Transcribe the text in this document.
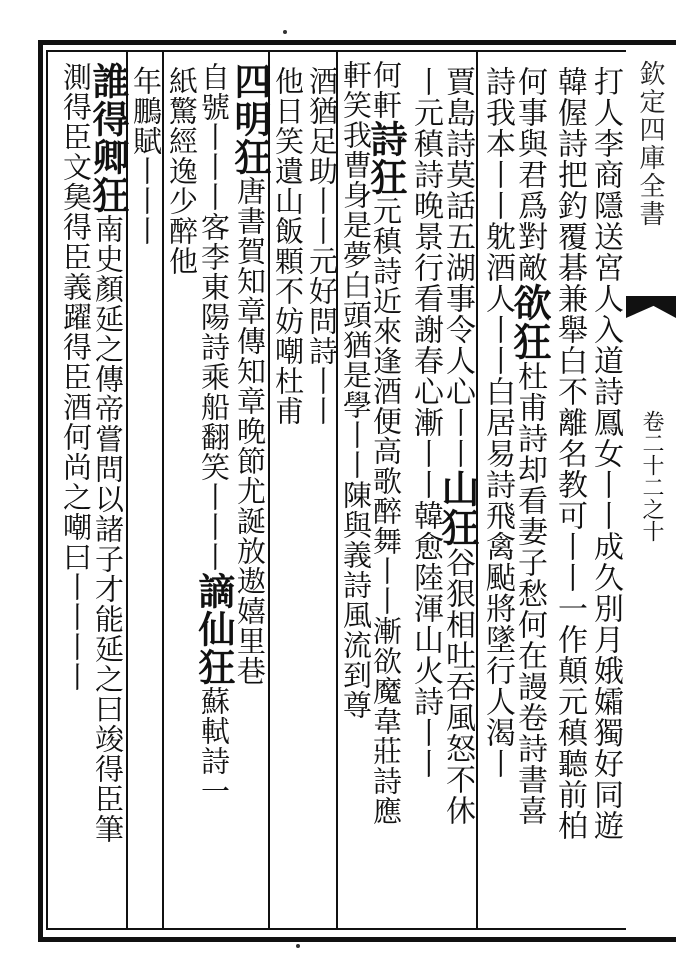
欽定四庫全書
卷二十二之十
打人李商隱送宮人入道詩鳳女丨丨成久別月娥孀獨好同遊
韓偓詩把釣覆碁兼舉白不離名教可丨丨一作顛元稹聽前柏
何事與君爲對敵欲狂杜甫詩却看妻子愁何在謾卷詩書喜
詩我本丨丨躭酒人丨丨白居易詩飛禽颭將墜行人渴丨
賈島詩莫話五湖事令人心丨丨山狂谷狠相吐吞風怒不休
丨元稹詩晚景行看謝春心漸丨丨韓愈陸渾山火詩丨丨
何軒詩狂元稹詩近來逢酒便高歌醉舞丨丨漸欲魔韋莊詩應
軒笑我曹身是夢白頭猶是學丨丨陳與義詩風流到尊
酒猶足助丨丨元好問詩丨丨
他日笑遺山飯顆不妨嘲杜甫
四明狂唐書賀知章傳知章晚節尤誕放遨嬉里巷
自號丨丨丨客李東陽詩乘船翻笑丨丨丨謫仙狂蘇軾詩一
紙驚經逸少醉他
年鵬賦丨丨丨
誰得卿狂南史顏延之傳帝嘗問以諸子才能延之曰竣得臣筆
測得臣文㚟得臣義躍得臣酒何尚之嘲曰丨丨丨丨
